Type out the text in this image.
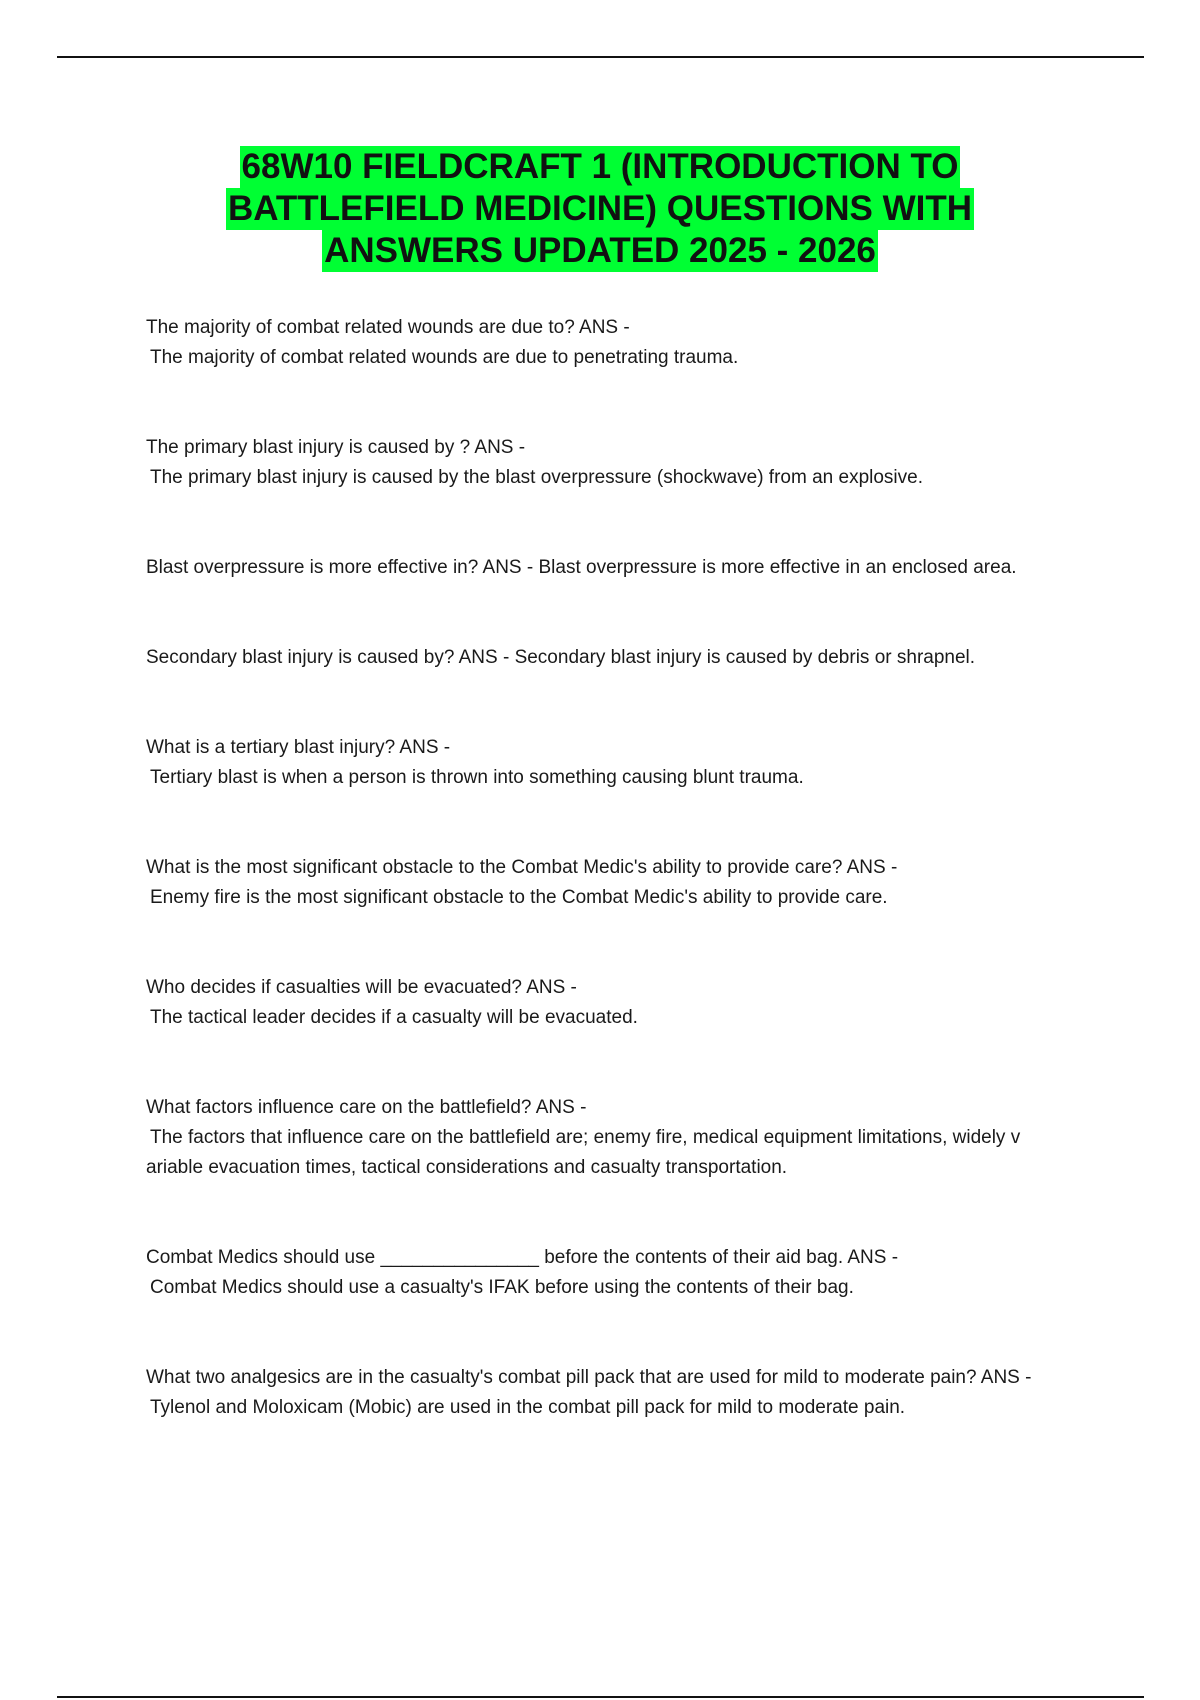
68W10 FIELDCRAFT 1 (INTRODUCTION TO
BATTLEFIELD MEDICINE) QUESTIONS WITH
ANSWERS UPDATED 2025 - 2026
The majority of combat related wounds are due to? ANS -
The majority of combat related wounds are due to penetrating trauma.
The primary blast injury is caused by ? ANS -
The primary blast injury is caused by the blast overpressure (shockwave) from an explosive.
Blast overpressure is more effective in? ANS - Blast overpressure is more effective in an enclosed area.
Secondary blast injury is caused by? ANS - Secondary blast injury is caused by debris or shrapnel.
What is a tertiary blast injury? ANS -
Tertiary blast is when a person is thrown into something causing blunt trauma.
What is the most significant obstacle to the Combat Medic's ability to provide care? ANS -
Enemy fire is the most significant obstacle to the Combat Medic's ability to provide care.
Who decides if casualties will be evacuated? ANS -
The tactical leader decides if a casualty will be evacuated.
What factors influence care on the battlefield? ANS -
The factors that influence care on the battlefield are; enemy fire, medical equipment limitations, widely v
ariable evacuation times, tactical considerations and casualty transportation.
Combat Medics should use _______________ before the contents of their aid bag. ANS -
Combat Medics should use a casualty's IFAK before using the contents of their bag.
What two analgesics are in the casualty's combat pill pack that are used for mild to moderate pain? ANS -
Tylenol and Moloxicam (Mobic) are used in the combat pill pack for mild to moderate pain.
